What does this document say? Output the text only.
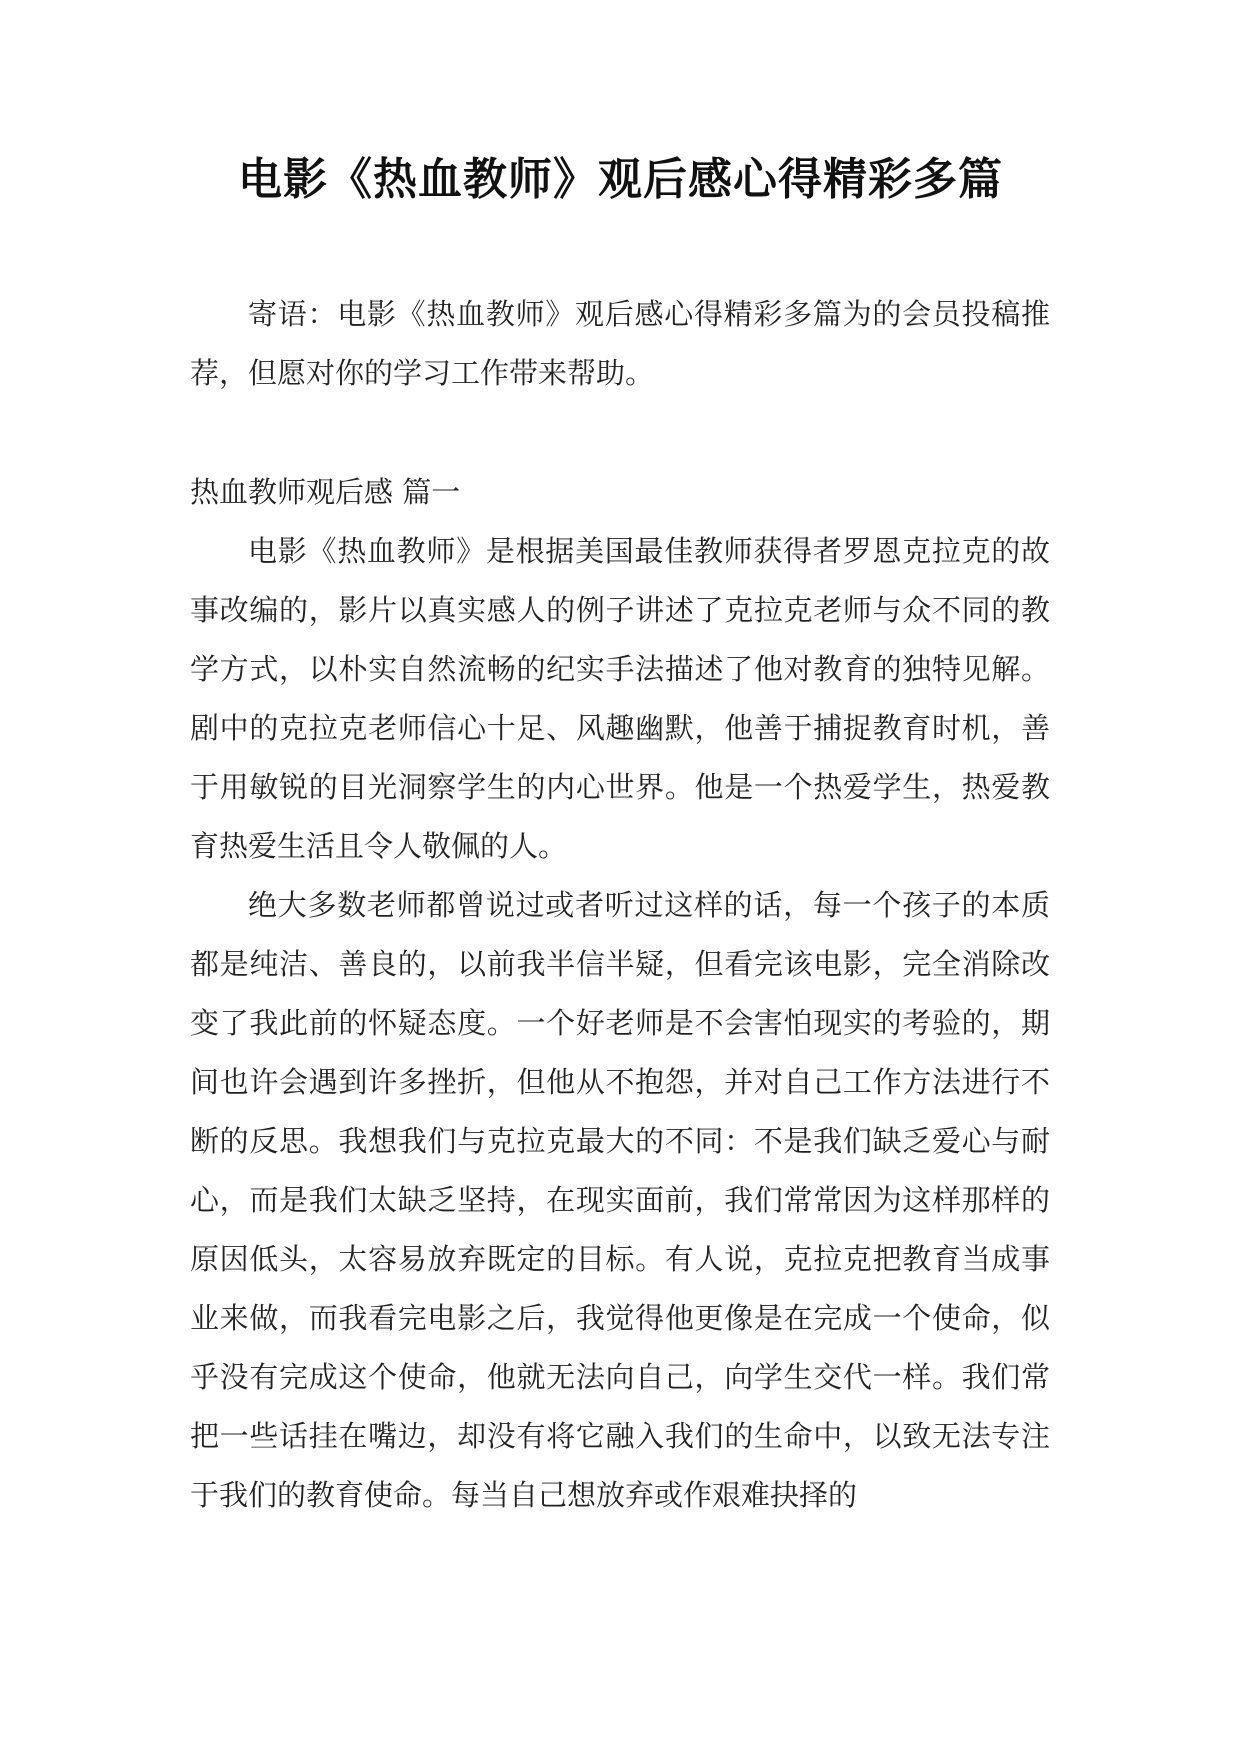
电影《热血教师》观后感心得精彩多篇

寄语：电影《热血教师》观后感心得精彩多篇为的会员投稿推荐，但愿对你的学习工作带来帮助。

热血教师观后感 篇一

电影《热血教师》是根据美国最佳教师获得者罗恩克拉克的故事改编的，影片以真实感人的例子讲述了克拉克老师与众不同的教学方式，以朴实自然流畅的纪实手法描述了他对教育的独特见解。剧中的克拉克老师信心十足、风趣幽默，他善于捕捉教育时机，善于用敏锐的目光洞察学生的内心世界。他是一个热爱学生，热爱教育热爱生活且令人敬佩的人。

绝大多数老师都曾说过或者听过这样的话，每一个孩子的本质都是纯洁、善良的，以前我半信半疑，但看完该电影，完全消除改变了我此前的怀疑态度。一个好老师是不会害怕现实的考验的，期间也许会遇到许多挫折，但他从不抱怨，并对自己工作方法进行不断的反思。我想我们与克拉克最大的不同：不是我们缺乏爱心与耐心，而是我们太缺乏坚持，在现实面前，我们常常因为这样那样的原因低头，太容易放弃既定的目标。有人说，克拉克把教育当成事业来做，而我看完电影之后，我觉得他更像是在完成一个使命，似乎没有完成这个使命，他就无法向自己，向学生交代一样。我们常把一些话挂在嘴边，却没有将它融入我们的生命中，以致无法专注于我们的教育使命。每当自己想放弃或作艰难抉择的
